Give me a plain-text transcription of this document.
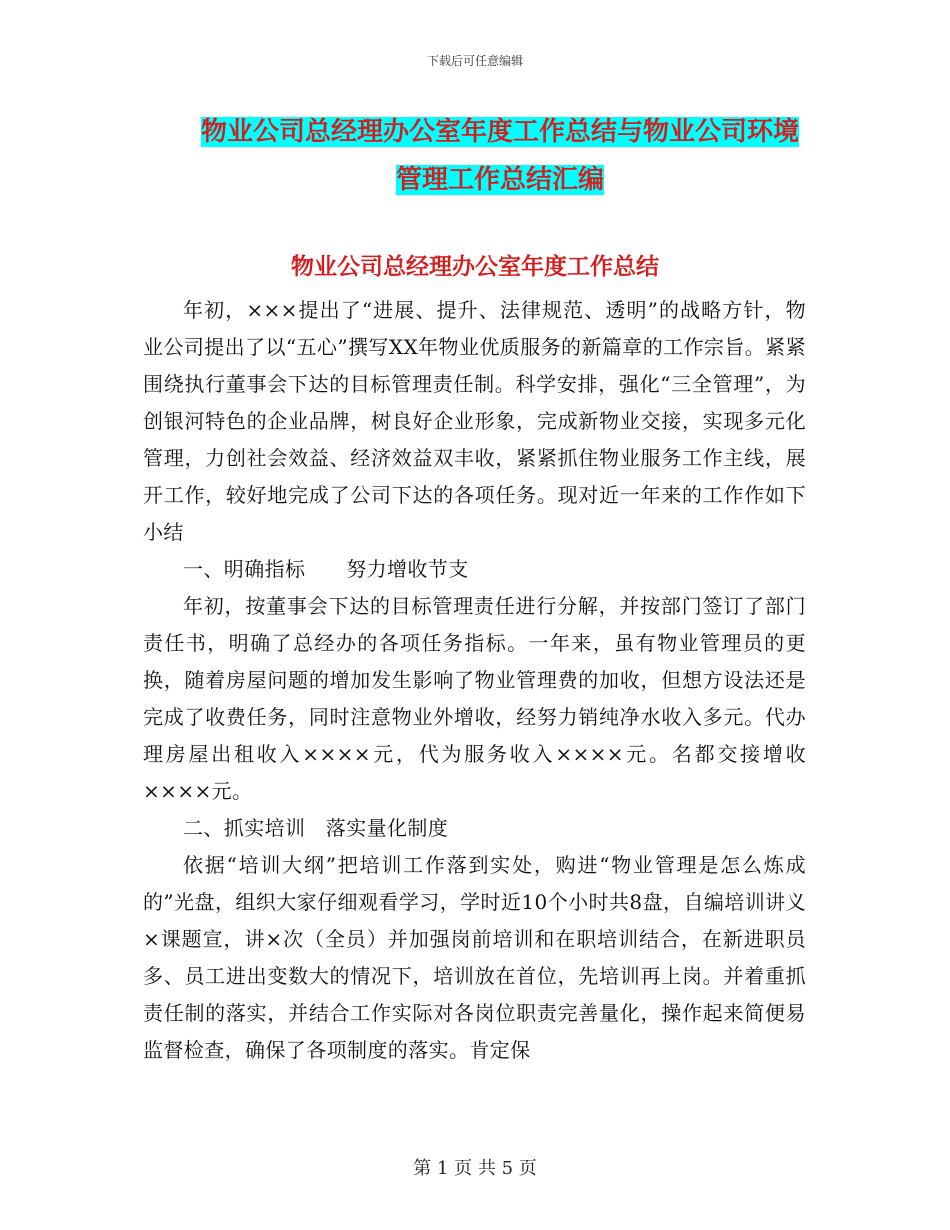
下载后可任意编辑
物业公司总经理办公室年度工作总结与物业公司环境
管理工作总结汇编
物业公司总经理办公室年度工作总结

年初，×××提出了“进展、提升、法律规范、透明”的战略方针，物业公司提出了以“五心”撰写XX年物业优质服务的新篇章的工作宗旨。紧紧围绕执行董事会下达的目标管理责任制。科学安排，强化“三全管理”，为创银河特色的企业品牌，树良好企业形象，完成新物业交接，实现多元化管理，力创社会效益、经济效益双丰收，紧紧抓住物业服务工作主线，展开工作，较好地完成了公司下达的各项任务。现对近一年来的工作作如下小结

一、明确指标　　努力增收节支

年初，按董事会下达的目标管理责任进行分解，并按部门签订了部门责任书，明确了总经办的各项任务指标。一年来，虽有物业管理员的更换，随着房屋问题的增加发生影响了物业管理费的加收，但想方设法还是完成了收费任务，同时注意物业外增收，经努力销纯净水收入多元。代办理房屋出租收入××××元，代为服务收入××××元。名都交接增收××××元。

二、抓实培训　落实量化制度

依据“培训大纲”把培训工作落到实处，购进“物业管理是怎么炼成的”光盘，组织大家仔细观看学习，学时近10个小时共8盘，自编培训讲义×课题宣，讲×次（全员）并加强岗前培训和在职培训结合，在新进职员多、员工进出变数大的情况下，培训放在首位，先培训再上岗。并着重抓责任制的落实，并结合工作实际对各岗位职责完善量化，操作起来简便易监督检查，确保了各项制度的落实。肯定保

第 1 页 共 5 页
